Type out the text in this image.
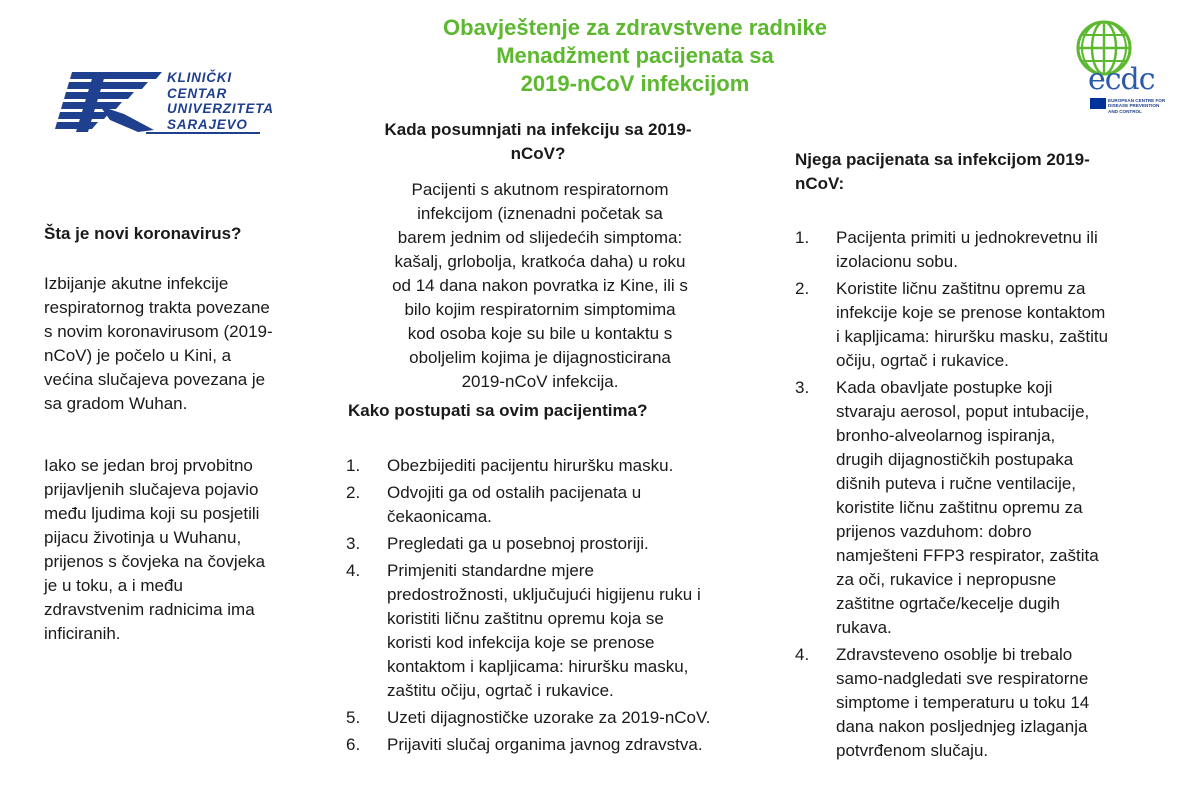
Obavještenje za zdravstvene radnike
Menadžment pacijenata sa
2019-nCoV infekcijom
KLINIČKI
CENTAR
UNIVERZITETA
SARAJEVO
ecdc
EUROPEAN CENTRE FOR
DISEASE PREVENTION
AND CONTROL
Šta je novi koronavirus?
Izbijanje akutne infekcije
respiratornog trakta povezane
s novim koronavirusom (2019-
nCoV) je počelo u Kini, a
većina slučajeva povezana je
sa gradom Wuhan.
Iako se jedan broj prvobitno
prijavljenih slučajeva pojavio
među ljudima koji su posjetili
pijacu životinja u Wuhanu,
prijenos s čovjeka na čovjeka
je u toku, a i među
zdravstvenim radnicima ima
inficiranih.
Kada posumnjati na infekciju sa 2019-
nCoV?
Pacijenti s akutnom respiratornom
infekcijom (iznenadni početak sa
barem jednim od slijedećih simptoma:
kašalj, grlobolja, kratkoća daha) u roku
od 14 dana nakon povratka iz Kine, ili s
bilo kojim respiratornim simptomima
kod osoba koje su bile u kontaktu s
oboljelim kojima je dijagnosticirana
2019-nCoV infekcija.
Kako postupati sa ovim pacijentima?
1. Obezbijediti pacijentu hiruršku masku.
2. Odvojiti ga od ostalih pacijenata u
čekaonicama.
3. Pregledati ga u posebnoj prostoriji.
4. Primjeniti standardne mjere
predostrožnosti, uključujući higijenu ruku i
koristiti ličnu zaštitnu opremu koja se
koristi kod infekcija koje se prenose
kontaktom i kapljicama: hiruršku masku,
zaštitu očiju, ogrtač i rukavice.
5. Uzeti dijagnostičke uzorake za 2019-nCoV.
6. Prijaviti slučaj organima javnog zdravstva.
Njega pacijenata sa infekcijom 2019-
nCoV:
1. Pacijenta primiti u jednokrevetnu ili
izolacionu sobu.
2. Koristite ličnu zaštitnu opremu za
infekcije koje se prenose kontaktom
i kapljicama: hiruršku masku, zaštitu
očiju, ogrtač i rukavice.
3. Kada obavljate postupke koji
stvaraju aerosol, poput intubacije,
bronho-alveolarnog ispiranja,
drugih dijagnostičkih postupaka
dišnih puteva i ručne ventilacije,
koristite ličnu zaštitnu opremu za
prijenos vazduhom: dobro
namješteni FFP3 respirator, zaštita
za oči, rukavice i nepropusne
zaštitne ogrtače/kecelje dugih
rukava.
4. Zdravsteveno osoblje bi trebalo
samo-nadgledati sve respiratorne
simptome i temperaturu u toku 14
dana nakon posljednjeg izlaganja
potvrđenom slučaju.
